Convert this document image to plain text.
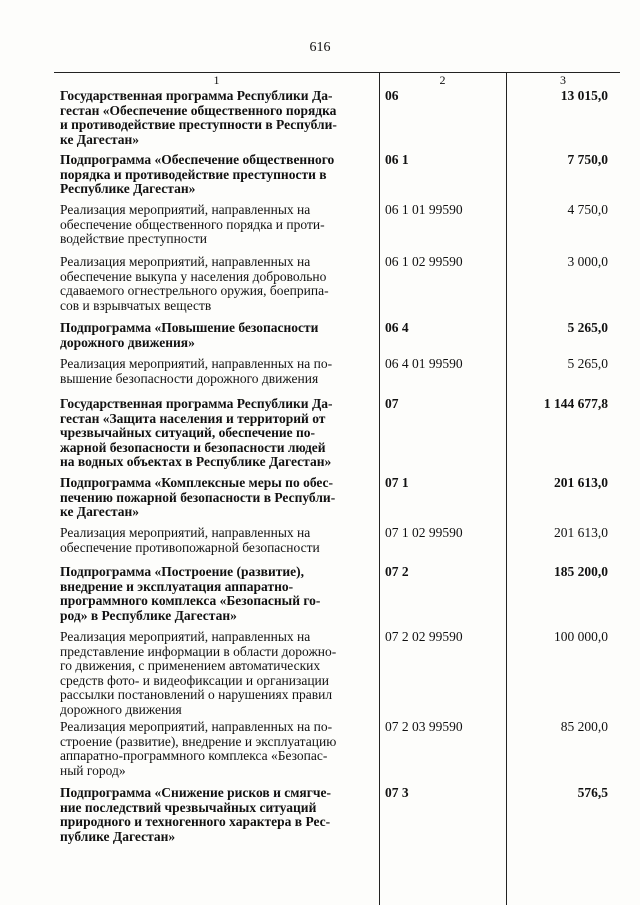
616
1	2	3
Государственная программа Республики Да-
гестан «Обеспечение общественного порядка
и противодействие преступности в Республи-
ке Дагестан»
06	13 015,0
Подпрограмма «Обеспечение общественного
порядка и противодействие преступности в
Республике Дагестан»
06 1	7 750,0
Реализация мероприятий, направленных на
обеспечение общественного порядка и проти-
водействие преступности
06 1 01 99590	4 750,0
Реализация мероприятий, направленных на
обеспечение выкупа у населения добровольно
сдаваемого огнестрельного оружия, боеприпа-
сов и взрывчатых веществ
06 1 02 99590	3 000,0
Подпрограмма «Повышение безопасности
дорожного движения»
06 4	5 265,0
Реализация мероприятий, направленных на по-
вышение безопасности дорожного движения
06 4 01 99590	5 265,0
Государственная программа Республики Да-
гестан «Защита населения и территорий от
чрезвычайных ситуаций, обеспечение по-
жарной безопасности и безопасности людей
на водных объектах в Республике Дагестан»
07	1 144 677,8
Подпрограмма «Комплексные меры по обес-
печению пожарной безопасности в Республи-
ке Дагестан»
07 1	201 613,0
Реализация мероприятий, направленных на
обеспечение противопожарной безопасности
07 1 02 99590	201 613,0
Подпрограмма «Построение (развитие),
внедрение и эксплуатация аппаратно-
программного комплекса «Безопасный го-
род» в Республике Дагестан»
07 2	185 200,0
Реализация мероприятий, направленных на
представление информации в области дорожно-
го движения, с применением автоматических
средств фото- и видеофиксации и организации
рассылки постановлений о нарушениях правил
дорожного движения
07 2 02 99590	100 000,0
Реализация мероприятий, направленных на по-
строение (развитие), внедрение и эксплуатацию
аппаратно-программного комплекса «Безопас-
ный город»
07 2 03 99590	85 200,0
Подпрограмма «Снижение рисков и смягче-
ние последствий чрезвычайных ситуаций
природного и техногенного характера в Рес-
публике Дагестан»
07 3	576,5
